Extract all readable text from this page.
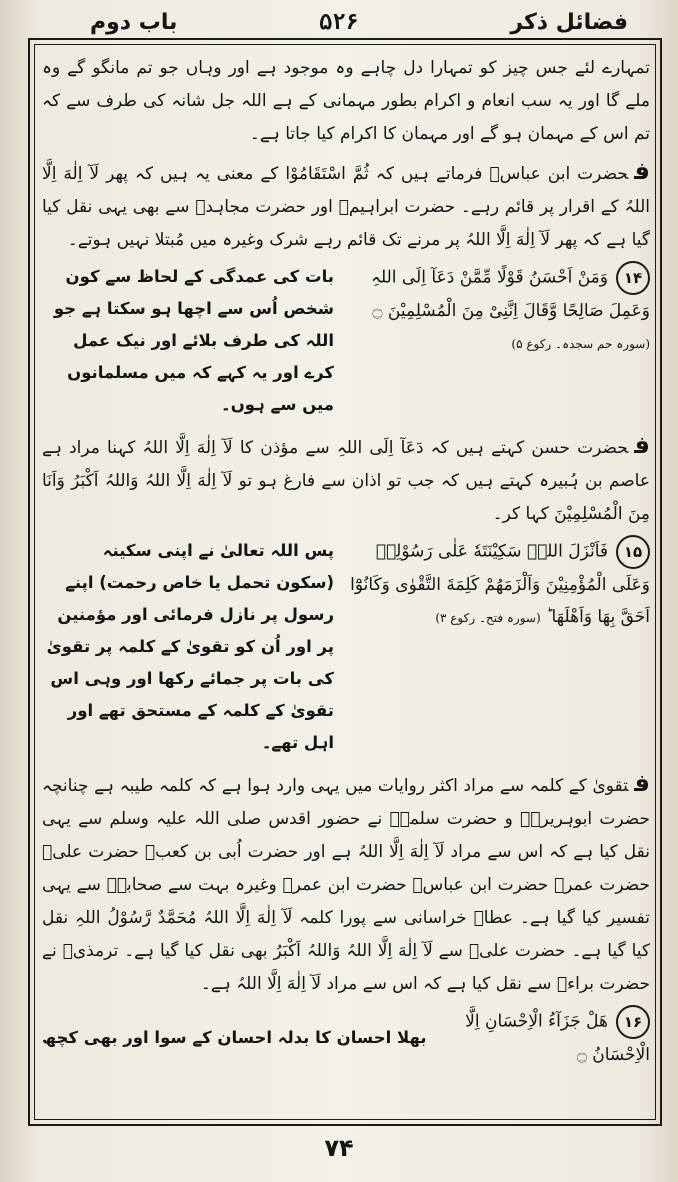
فضائل ذکر
۵۲۶
باب دوم

تمہارے لئے جس چیز کو تمہارا دل چاہے وہ موجود ہے اور وہاں جو تم مانگو گے وہ ملے گا اور یہ سب انعام و اکرام بطور مہمانی کے ہے اللہ جل شانہ کی طرف سے کہ تم اس کے مہمان ہو گے اور مہمان کا اکرام کیا جاتا ہے۔

فحضرت ابن عباسؓ فرماتے ہیں کہ ثُمَّ اسْتَقَامُوْا کے معنی یہ ہیں کہ پھر لَآ اِلٰهَ اِلَّا اللہُ کے اقرار پر قائم رہے۔ حضرت ابراہیمؒ اور حضرت مجاہدؒ سے بھی یہی نقل کیا گیا ہے کہ پھر لَآ اِلٰهَ اِلَّا اللہُ پر مرنے تک قائم رہے شرک وغیرہ میں مُبتلا نہیں ہوتے۔

۱۴وَمَنْ اَحْسَنُ قَوْلًا مِّمَّنْ دَعَآ اِلَى اللہِ وَعَمِلَ صَالِحًا وَّقَالَ اِنَّنِیْ مِنَ الْمُسْلِمِیْنَ ۝ (سورہ حم سجدہ۔ رکوع ۵)
بات کی عمدگی کے لحاظ سے کون شخص اُس سے اچھا ہو سکتا ہے جو اللہ کی طرف بلائے اور نیک عمل کرے اور یہ کہے کہ میں مسلمانوں میں سے ہوں۔

فحضرت حسن کہتے ہیں کہ دَعَآ اِلَى اللہِ سے مؤذن کا لَآ اِلٰهَ اِلَّا اللہُ کہنا مراد ہے عاصم بن ہُبیرہ کہتے ہیں کہ جب تو اذان سے فارغ ہو تو لَآ اِلٰهَ اِلَّا اللہُ وَاللہُ اَکْبَرُ وَاَنَا مِنَ الْمُسْلِمِیْنَ کہا کر۔

۱۵فَاَنْزَلَ اللہُ سَکِیْنَتَهٗ عَلٰی رَسُوْلِهٖ وَعَلَى الْمُؤْمِنِیْنَ وَاَلْزَمَهُمْ کَلِمَةَ التَّقْوٰی وَکَانُوْٓا اَحَقَّ بِهَا وَاَهْلَهَا ؕ (سورہ فتح۔ رکوع ۳)
پس اللہ تعالیٰ نے اپنی سکینہ (سکون تحمل یا خاص رحمت) اپنے رسول پر نازل فرمائی اور مؤمنین پر اور اُن کو تقویٰ کے کلمہ پر تقویٰ کی بات پر جمائے رکھا اور وہی اس تقویٰ کے کلمہ کے مستحق تھے اور اہل تھے۔

فتقویٰ کے کلمہ سے مراد اکثر روایات میں یہی وارد ہوا ہے کہ کلمہ طیبہ ہے چنانچہ حضرت ابوہریرہؓ و حضرت سلمہؓ نے حضور اقدس صلی اللہ علیہ وسلم سے یہی نقل کیا ہے کہ اس سے مراد لَآ اِلٰهَ اِلَّا اللہُ ہے اور حضرت اُبی بن کعبؓ حضرت علیؓ حضرت عمرؓ حضرت ابن عباسؓ حضرت ابن عمرؓ وغیرہ بہت سے صحابہؓ سے یہی تفسیر کیا گیا ہے۔ عطاؒ خراسانی سے پورا کلمہ لَآ اِلٰهَ اِلَّا اللہُ مُحَمَّدٌ رَّسُوْلُ اللہِ نقل کیا گیا ہے۔ حضرت علیؓ سے لَآ اِلٰهَ اِلَّا اللہُ وَاللہُ اَکْبَرُ بھی نقل کیا گیا ہے۔ ترمذیؒ نے حضرت براءؓ سے نقل کیا ہے کہ اس سے مراد لَآ اِلٰهَ اِلَّا اللہُ ہے۔

۱۶هَلْ جَزَآءُ الْاِحْسَانِ اِلَّا الْاِحْسَانُ ۝
بھلا احسان کا بدلہ احسان کے سوا اور بھی کچھ
۷۴
